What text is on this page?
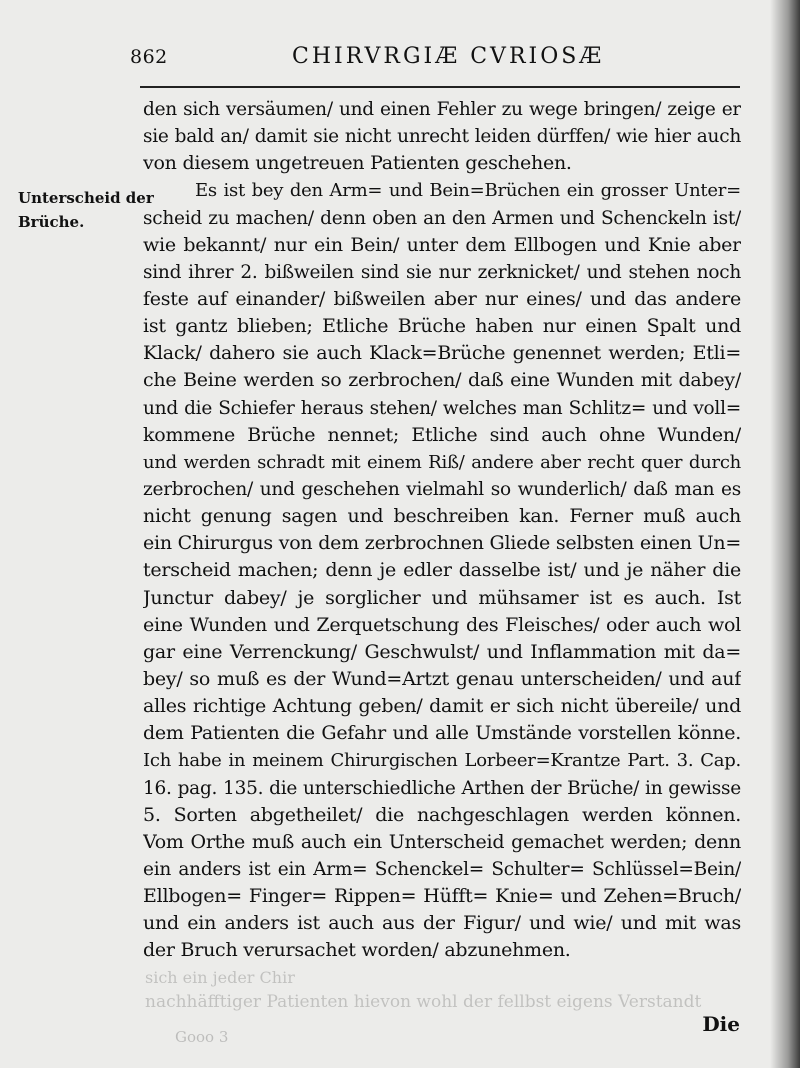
862	CHIRVRGIÆ CVRIOSÆ
Unterscheid der
Brüche.
den sich versäumen/ und einen Fehler zu wege bringen/ zeige er
sie bald an/ damit sie nicht unrecht leiden dürffen/ wie hier auch
von diesem ungetreuen Patienten geschehen.
Es ist bey den Arm= und Bein=Brüchen ein grosser Unter=
scheid zu machen/ denn oben an den Armen und Schenckeln ist/
wie bekannt/ nur ein Bein/ unter dem Ellbogen und Knie aber
sind ihrer 2. bißweilen sind sie nur zerknicket/ und stehen noch
feste auf einander/ bißweilen aber nur eines/ und das andere
ist gantz blieben; Etliche Brüche haben nur einen Spalt und
Klack/ dahero sie auch Klack=Brüche genennet werden; Etli=
che Beine werden so zerbrochen/ daß eine Wunden mit dabey/
und die Schiefer heraus stehen/ welches man Schlitz= und voll=
kommene Brüche nennet; Etliche sind auch ohne Wunden/
und werden schradt mit einem Riß/ andere aber recht quer durch
zerbrochen/ und geschehen vielmahl so wunderlich/ daß man es
nicht genung sagen und beschreiben kan. Ferner muß auch
ein Chirurgus von dem zerbrochnen Gliede selbsten einen Un=
terscheid machen; denn je edler dasselbe ist/ und je näher die
Junctur dabey/ je sorglicher und mühsamer ist es auch. Ist
eine Wunden und Zerquetschung des Fleisches/ oder auch wol
gar eine Verrenckung/ Geschwulst/ und Inflammation mit da=
bey/ so muß es der Wund=Artzt genau unterscheiden/ und auf
alles richtige Achtung geben/ damit er sich nicht übereile/ und
dem Patienten die Gefahr und alle Umstände vorstellen könne.
Ich habe in meinem Chirurgischen Lorbeer=Krantze Part. 3. Cap.
16. pag. 135. die unterschiedliche Arthen der Brüche/ in gewisse
5. Sorten abgetheilet/ die nachgeschlagen werden können.
Vom Orthe muß auch ein Unterscheid gemachet werden; denn
ein anders ist ein Arm= Schenckel= Schulter= Schlüssel=Bein/
Ellbogen= Finger= Rippen= Hüfft= Knie= und Zehen=Bruch/
und ein anders ist auch aus der Figur/ und wie/ und mit was
der Bruch verursachet worden/ abzunehmen.
sich ein jeder Chir
nachhäfftiger Patienten hievon wohl der fellbst eigens Verstandt
Gooo 3
Die
